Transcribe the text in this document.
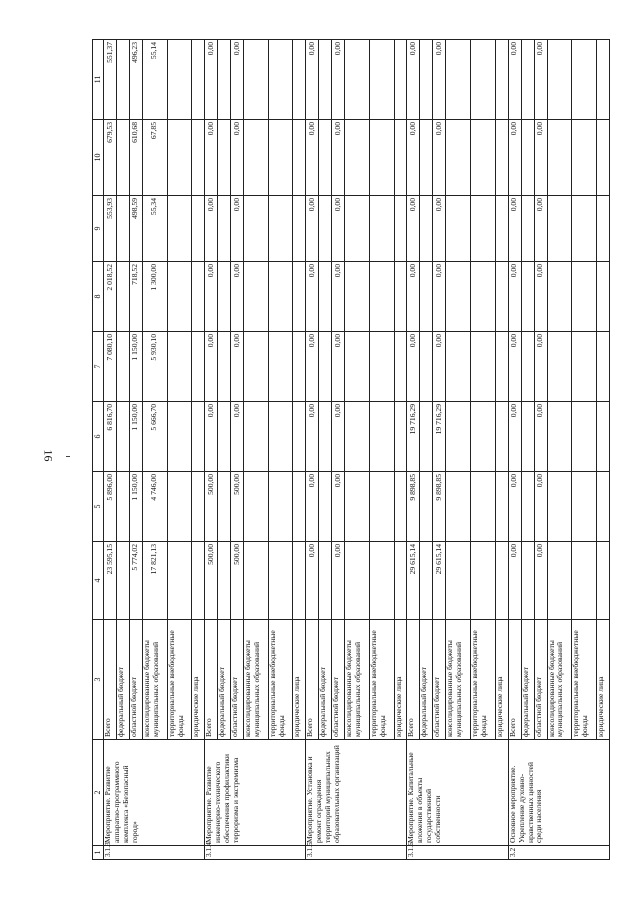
16
1	2	3	4	5	6	7	8	9	10	11
3.1.3	Мероприятие. Развитие аппаратно-программного комплекса «Безопасный город»	Всего	23 595,15	5 896,00	6 816,70	7 080,10	2 018,52	553,93	679,53	551,37
		федеральный бюджет								
		областной бюджет	5 774,02	1 150,00	1 150,00	1 150,00	718,52	498,59	610,68	496,23
		консолидированные бюджеты муниципальных образований	17 821,13	4 746,00	5 666,70	5 930,10	1 300,00	55,34	67,85	55,14
		территориальные внебюджетные фонды								
		юридические лица								
3.1.4	Мероприятие. Развитие инженерно-технического обеспечения профилактики терроризма и экстремизма	Всего	500,00	500,00	0,00	0,00	0,00	0,00	0,00	0,00
		федеральный бюджет								
		областной бюджет	500,00	500,00	0,00	0,00	0,00	0,00	0,00	0,00
		консолидированные бюджеты муниципальных образований								
		территориальные внебюджетные фонды								
		юридические лица								
3.1.5	Мероприятие. Установка и ремонт ограждения территорий муниципальных образовательных организаций	Всего	0,00	0,00	0,00	0,00	0,00	0,00	0,00	0,00
		федеральный бюджет								
		областной бюджет	0,00	0,00	0,00	0,00	0,00	0,00	0,00	0,00
		консолидированные бюджеты муниципальных образований								
		территориальные внебюджетные фонды								
		юридические лица								
3.1.6	Мероприятие. Капитальные вложения в объекты государственной собственности	Всего	29 615,14	9 898,85	19 716,29	0,00	0,00	0,00	0,00	0,00
		федеральный бюджет								
		областной бюджет	29 615,14	9 898,85	19 716,29	0,00	0,00	0,00	0,00	0,00
		консолидированные бюджеты муниципальных образований								
		территориальные внебюджетные фонды								
		юридические лица								
3.2	Основное мероприятие. Укрепление духовно-нравственных ценностей среди населения	Всего	0,00	0,00	0,00	0,00	0,00	0,00	0,00	0,00
		федеральный бюджет								
		областной бюджет	0,00	0,00	0,00	0,00	0,00	0,00	0,00	0,00
		консолидированные бюджеты муниципальных образований								
		территориальные внебюджетные фонды								
		юридические лица								
